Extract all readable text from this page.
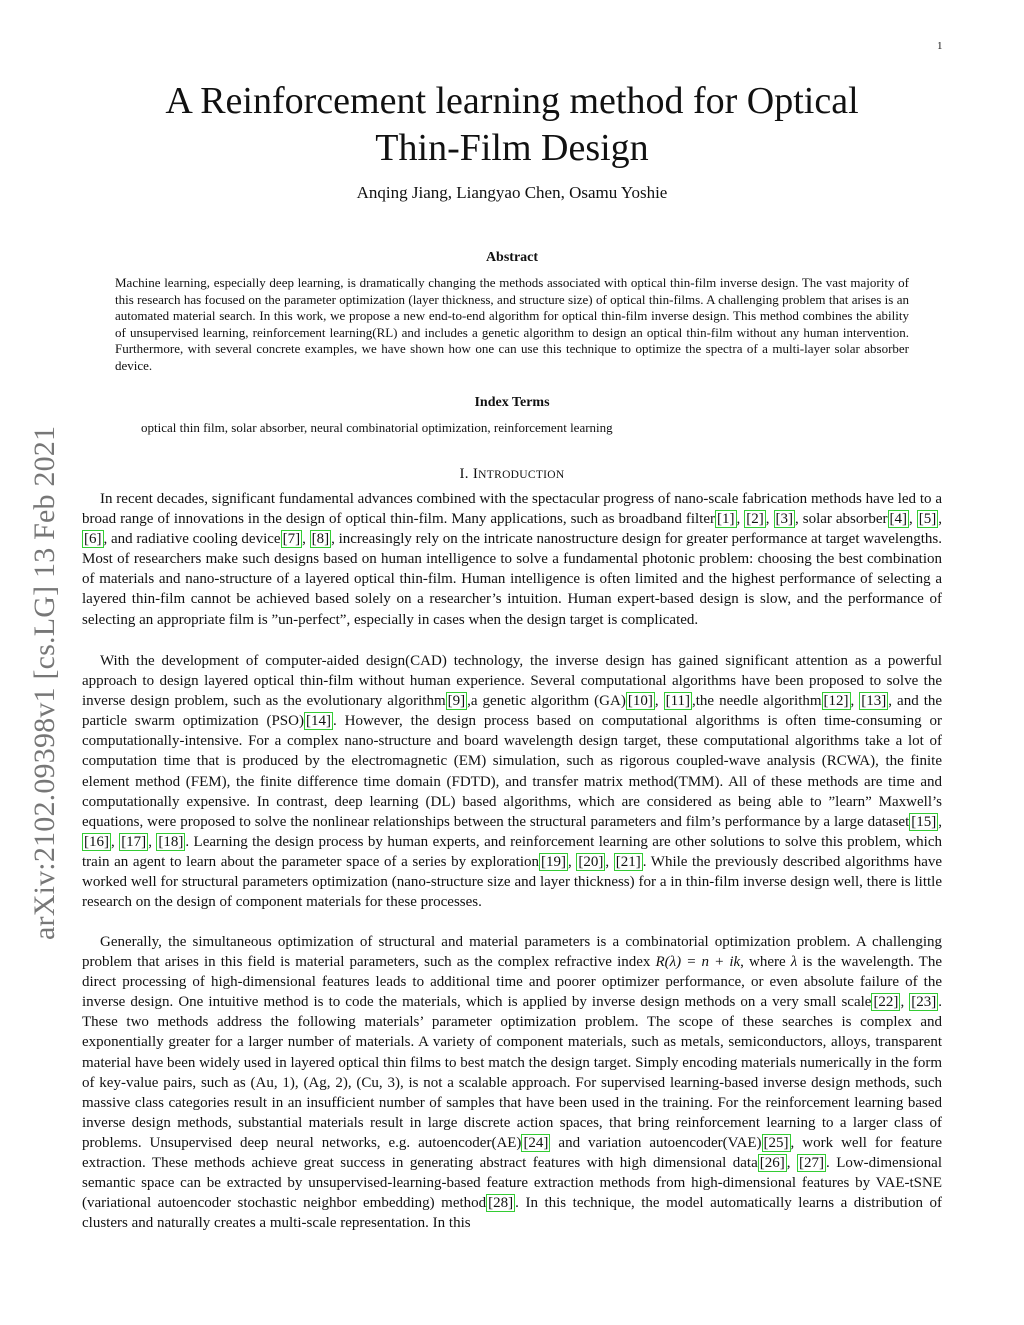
1
arXiv:2102.09398v1 [cs.LG] 13 Feb 2021
A Reinforcement learning method for Optical
Thin-Film Design
Anqing Jiang, Liangyao Chen, Osamu Yoshie
Abstract

Machine learning, especially deep learning, is dramatically changing the methods associated with optical thin-film inverse design. The vast majority of this research has focused on the parameter optimization (layer thickness, and structure size) of optical thin-films. A challenging problem that arises is an automated material search. In this work, we propose a new end-to-end algorithm for optical thin-film inverse design. This method combines the ability of unsupervised learning, reinforcement learning(RL) and includes a genetic algorithm to design an optical thin-film without any human intervention. Furthermore, with several concrete examples, we have shown how one can use this technique to optimize the spectra of a multi-layer solar absorber device.

Index Terms
optical thin film, solar absorber, neural combinatorial optimization, reinforcement learning
I. INTRODUCTION

In recent decades, significant fundamental advances combined with the spectacular progress of nano-scale fabrication methods have led to a broad range of innovations in the design of optical thin-film. Many applications, such as broadband filter [1] , [2] , [3] , solar absorber [4] , [5] , [6] , and radiative cooling device [7] , [8] , increasingly rely on the intricate nanostructure design for greater performance at target wavelengths. Most of researchers make such designs based on human intelligence to solve a fundamental photonic problem: choosing the best combination of materials and nano-structure of a layered optical thin-film. Human intelligence is often limited and the highest performance of selecting a layered thin-film cannot be achieved based solely on a researcher’s intuition. Human expert-based design is slow, and the performance of selecting an appropriate film is ”un-perfect”, especially in cases when the design target is complicated.

With the development of computer-aided design(CAD) technology, the inverse design has gained significant attention as a powerful approach to design layered optical thin-film without human experience. Several computational algorithms have been proposed to solve the inverse design problem, such as the evolutionary algorithm [9] ,a genetic algorithm (GA) [10] , [11] ,the needle algorithm [12] , [13] , and the particle swarm optimization (PSO) [14] . However, the design process based on computational algorithms is often time-consuming or computationally-intensive. For a complex nano-structure and board wavelength design target, these computational algorithms take a lot of computation time that is produced by the electromagnetic (EM) simulation, such as rigorous coupled-wave analysis (RCWA), the finite element method (FEM), the finite difference time domain (FDTD), and transfer matrix method(TMM). All of these methods are time and computationally expensive. In contrast, deep learning (DL) based algorithms, which are considered as being able to ”learn” Maxwell’s equations, were proposed to solve the nonlinear relationships between the structural parameters and film’s performance by a large dataset [15] , [16] , [17] , [18] . Learning the design process by human experts, and reinforcement learning are other solutions to solve this problem, which train an agent to learn about the parameter space of a series by exploration [19] , [20] , [21] . While the previously described algorithms have worked well for structural parameters optimization (nano-structure size and layer thickness) for a in thin-film inverse design well, there is little research on the design of component materials for these processes.

Generally, the simultaneous optimization of structural and material parameters is a combinatorial optimization problem. A challenging problem that arises in this field is material parameters, such as the complex refractive index R(λ) = n + ik, where λ is the wavelength. The direct processing of high-dimensional features leads to additional time and poorer optimizer performance, or even absolute failure of the inverse design. One intuitive method is to code the materials, which is applied by inverse design methods on a very small scale [22] , [23] . These two methods address the following materials’ parameter optimization problem. The scope of these searches is complex and exponentially greater for a larger number of materials. A variety of component materials, such as metals, semiconductors, alloys, transparent material have been widely used in layered optical thin films to best match the design target. Simply encoding materials numerically in the form of key-value pairs, such as (Au, 1), (Ag, 2), (Cu, 3), is not a scalable approach. For supervised learning-based inverse design methods, such massive class categories result in an insufficient number of samples that have been used in the training. For the reinforcement learning based inverse design methods, substantial materials result in large discrete action spaces, that bring reinforcement learning to a larger class of problems. Unsupervised deep neural networks, e.g. autoencoder(AE) [24] and variation autoencoder(VAE) [25] , work well for feature extraction. These methods achieve great success in generating abstract features with high dimensional data [26] , [27] . Low-dimensional semantic space can be extracted by unsupervised-learning-based feature extraction methods from high-dimensional features by VAE-tSNE (variational autoencoder stochastic neighbor embedding) method [28] . In this technique, the model automatically learns a distribution of clusters and naturally creates a multi-scale representation. In this
